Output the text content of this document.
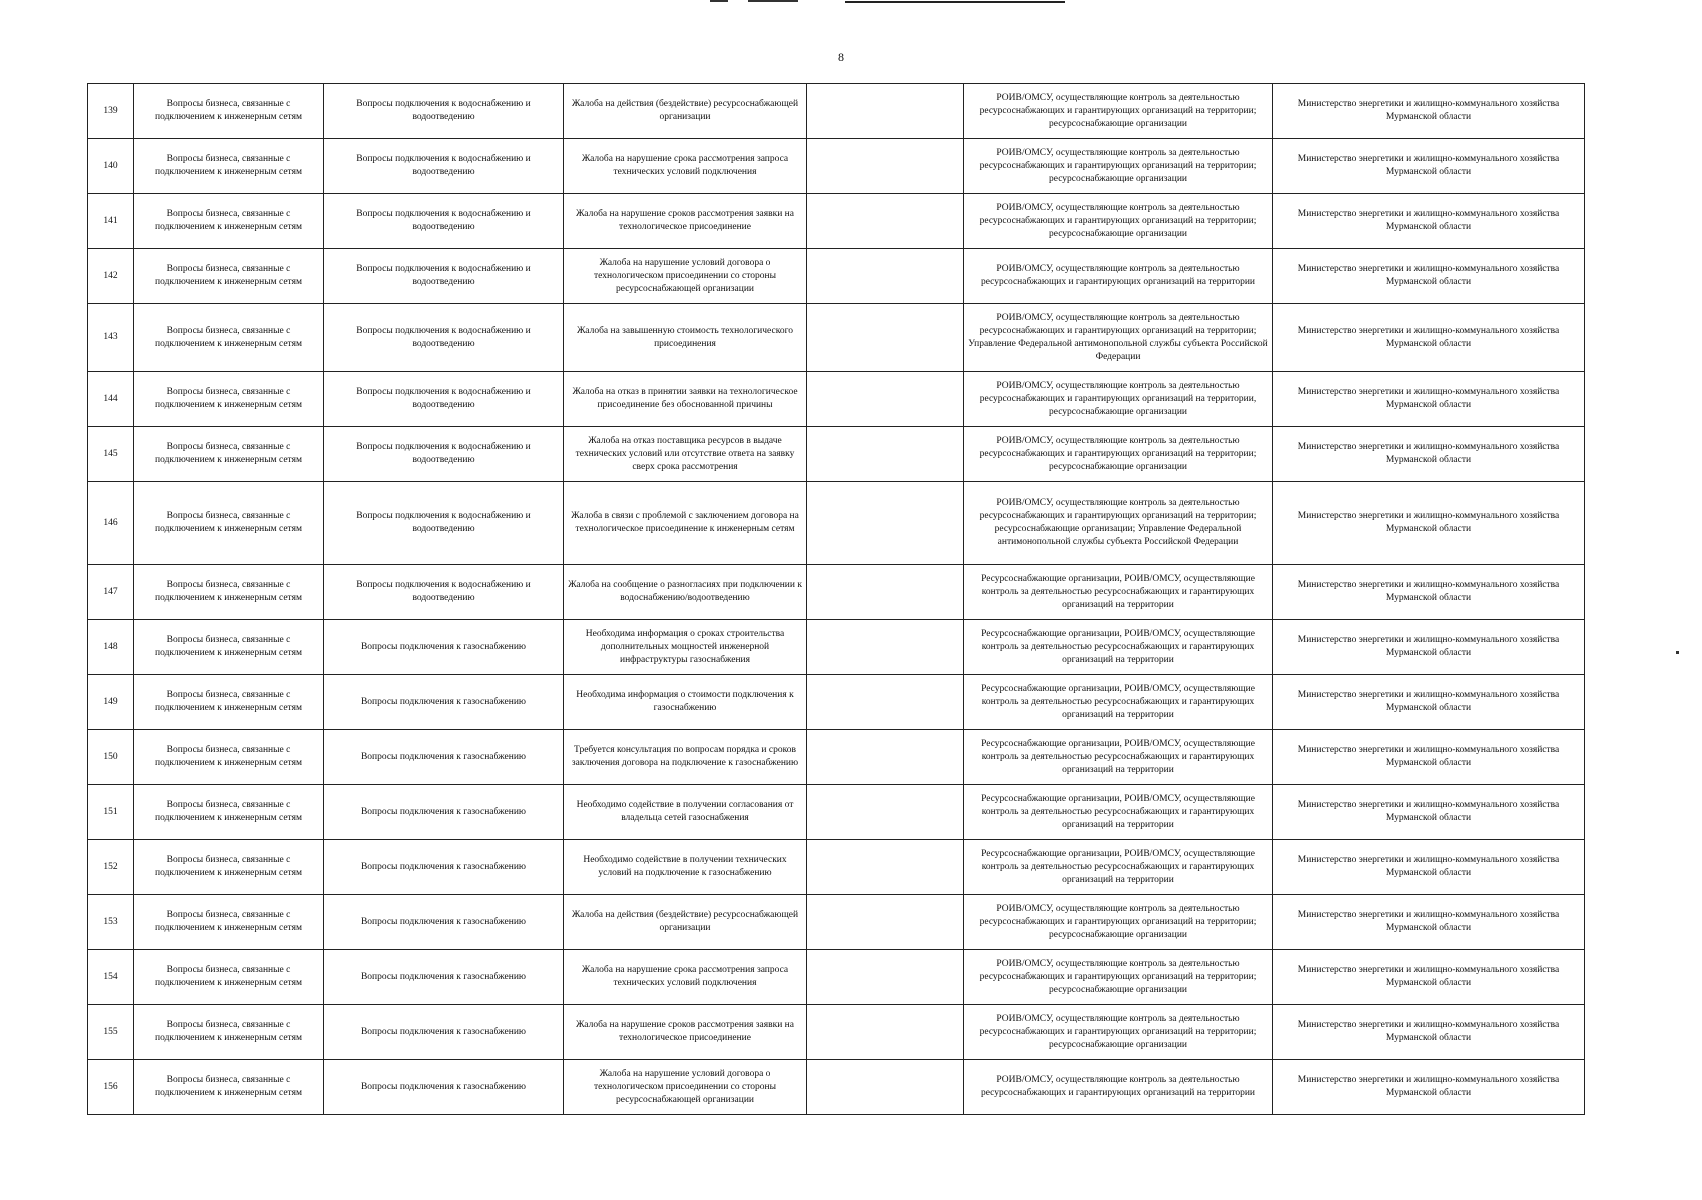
8
139	Вопросы бизнеса, связанные с подключением к инженерным сетям	Вопросы подключения к водоснабжению и водоотведению	Жалоба на действия (бездействие) ресурсоснабжающей организации		РОИВ/ОМСУ, осуществляющие контроль за деятельностью ресурсоснабжающих и гарантирующих организаций на территории; ресурсоснабжающие организации	Министерство энергетики и жилищно-коммунального хозяйства Мурманской области
140	Вопросы бизнеса, связанные с подключением к инженерным сетям	Вопросы подключения к водоснабжению и водоотведению	Жалоба на нарушение срока рассмотрения запроса технических условий подключения		РОИВ/ОМСУ, осуществляющие контроль за деятельностью ресурсоснабжающих и гарантирующих организаций на территории; ресурсоснабжающие организации	Министерство энергетики и жилищно-коммунального хозяйства Мурманской области
141	Вопросы бизнеса, связанные с подключением к инженерным сетям	Вопросы подключения к водоснабжению и водоотведению	Жалоба на нарушение сроков рассмотрения заявки на технологическое присоединение		РОИВ/ОМСУ, осуществляющие контроль за деятельностью ресурсоснабжающих и гарантирующих организаций на территории; ресурсоснабжающие организации	Министерство энергетики и жилищно-коммунального хозяйства Мурманской области
142	Вопросы бизнеса, связанные с подключением к инженерным сетям	Вопросы подключения к водоснабжению и водоотведению	Жалоба на нарушение условий договора о технологическом присоединении со стороны ресурсоснабжающей организации		РОИВ/ОМСУ, осуществляющие контроль за деятельностью ресурсоснабжающих и гарантирующих организаций на территории	Министерство энергетики и жилищно-коммунального хозяйства Мурманской области
143	Вопросы бизнеса, связанные с подключением к инженерным сетям	Вопросы подключения к водоснабжению и водоотведению	Жалоба на завышенную стоимость технологического присоединения		РОИВ/ОМСУ, осуществляющие контроль за деятельностью ресурсоснабжающих и гарантирующих организаций на территории; Управление Федеральной антимонопольной службы субъекта Российской Федерации	Министерство энергетики и жилищно-коммунального хозяйства Мурманской области
144	Вопросы бизнеса, связанные с подключением к инженерным сетям	Вопросы подключения к водоснабжению и водоотведению	Жалоба на отказ в принятии заявки на технологическое присоединение без обоснованной причины		РОИВ/ОМСУ, осуществляющие контроль за деятельностью ресурсоснабжающих и гарантирующих организаций на территории, ресурсоснабжающие организации	Министерство энергетики и жилищно-коммунального хозяйства Мурманской области
145	Вопросы бизнеса, связанные с подключением к инженерным сетям	Вопросы подключения к водоснабжению и водоотведению	Жалоба на отказ поставщика ресурсов в выдаче технических условий или отсутствие ответа на заявку сверх срока рассмотрения		РОИВ/ОМСУ, осуществляющие контроль за деятельностью ресурсоснабжающих и гарантирующих организаций на территории; ресурсоснабжающие организации	Министерство энергетики и жилищно-коммунального хозяйства Мурманской области
146	Вопросы бизнеса, связанные с подключением к инженерным сетям	Вопросы подключения к водоснабжению и водоотведению	Жалоба в связи с проблемой с заключением договора на технологическое присоединение к инженерным сетям		РОИВ/ОМСУ, осуществляющие контроль за деятельностью ресурсоснабжающих и гарантирующих организаций на территории; ресурсоснабжающие организации; Управление Федеральной антимонопольной службы субъекта Российской Федерации	Министерство энергетики и жилищно-коммунального хозяйства Мурманской области
147	Вопросы бизнеса, связанные с подключением к инженерным сетям	Вопросы подключения к водоснабжению и водоотведению	Жалоба на сообщение о разногласиях при подключении к водоснабжению/водоотведению		Ресурсоснабжающие организации, РОИВ/ОМСУ, осуществляющие контроль за деятельностью ресурсоснабжающих и гарантирующих организаций на территории	Министерство энергетики и жилищно-коммунального хозяйства Мурманской области
148	Вопросы бизнеса, связанные с подключением к инженерным сетям	Вопросы подключения к газоснабжению	Необходима информация о сроках строительства дополнительных мощностей инженерной инфраструктуры газоснабжения		Ресурсоснабжающие организации, РОИВ/ОМСУ, осуществляющие контроль за деятельностью ресурсоснабжающих и гарантирующих организаций на территории	Министерство энергетики и жилищно-коммунального хозяйства Мурманской области
149	Вопросы бизнеса, связанные с подключением к инженерным сетям	Вопросы подключения к газоснабжению	Необходима информация о стоимости подключения к газоснабжению		Ресурсоснабжающие организации, РОИВ/ОМСУ, осуществляющие контроль за деятельностью ресурсоснабжающих и гарантирующих организаций на территории	Министерство энергетики и жилищно-коммунального хозяйства Мурманской области
150	Вопросы бизнеса, связанные с подключением к инженерным сетям	Вопросы подключения к газоснабжению	Требуется консультация по вопросам порядка и сроков заключения договора на подключение к газоснабжению		Ресурсоснабжающие организации, РОИВ/ОМСУ, осуществляющие контроль за деятельностью ресурсоснабжающих и гарантирующих организаций на территории	Министерство энергетики и жилищно-коммунального хозяйства Мурманской области
151	Вопросы бизнеса, связанные с подключением к инженерным сетям	Вопросы подключения к газоснабжению	Необходимо содействие в получении согласования от владельца сетей газоснабжения		Ресурсоснабжающие организации, РОИВ/ОМСУ, осуществляющие контроль за деятельностью ресурсоснабжающих и гарантирующих организаций на территории	Министерство энергетики и жилищно-коммунального хозяйства Мурманской области
152	Вопросы бизнеса, связанные с подключением к инженерным сетям	Вопросы подключения к газоснабжению	Необходимо содействие в получении технических условий на подключение к газоснабжению		Ресурсоснабжающие организации, РОИВ/ОМСУ, осуществляющие контроль за деятельностью ресурсоснабжающих и гарантирующих организаций на территории	Министерство энергетики и жилищно-коммунального хозяйства Мурманской области
153	Вопросы бизнеса, связанные с подключением к инженерным сетям	Вопросы подключения к газоснабжению	Жалоба на действия (бездействие) ресурсоснабжающей организации		РОИВ/ОМСУ, осуществляющие контроль за деятельностью ресурсоснабжающих и гарантирующих организаций на территории; ресурсоснабжающие организации	Министерство энергетики и жилищно-коммунального хозяйства Мурманской области
154	Вопросы бизнеса, связанные с подключением к инженерным сетям	Вопросы подключения к газоснабжению	Жалоба на нарушение срока рассмотрения запроса технических условий подключения		РОИВ/ОМСУ, осуществляющие контроль за деятельностью ресурсоснабжающих и гарантирующих организаций на территории; ресурсоснабжающие организации	Министерство энергетики и жилищно-коммунального хозяйства Мурманской области
155	Вопросы бизнеса, связанные с подключением к инженерным сетям	Вопросы подключения к газоснабжению	Жалоба на нарушение сроков рассмотрения заявки на технологическое присоединение		РОИВ/ОМСУ, осуществляющие контроль за деятельностью ресурсоснабжающих и гарантирующих организаций на территории; ресурсоснабжающие организации	Министерство энергетики и жилищно-коммунального хозяйства Мурманской области
156	Вопросы бизнеса, связанные с подключением к инженерным сетям	Вопросы подключения к газоснабжению	Жалоба на нарушение условий договора о технологическом присоединении со стороны ресурсоснабжающей организации		РОИВ/ОМСУ, осуществляющие контроль за деятельностью ресурсоснабжающих и гарантирующих организаций на территории	Министерство энергетики и жилищно-коммунального хозяйства Мурманской области
